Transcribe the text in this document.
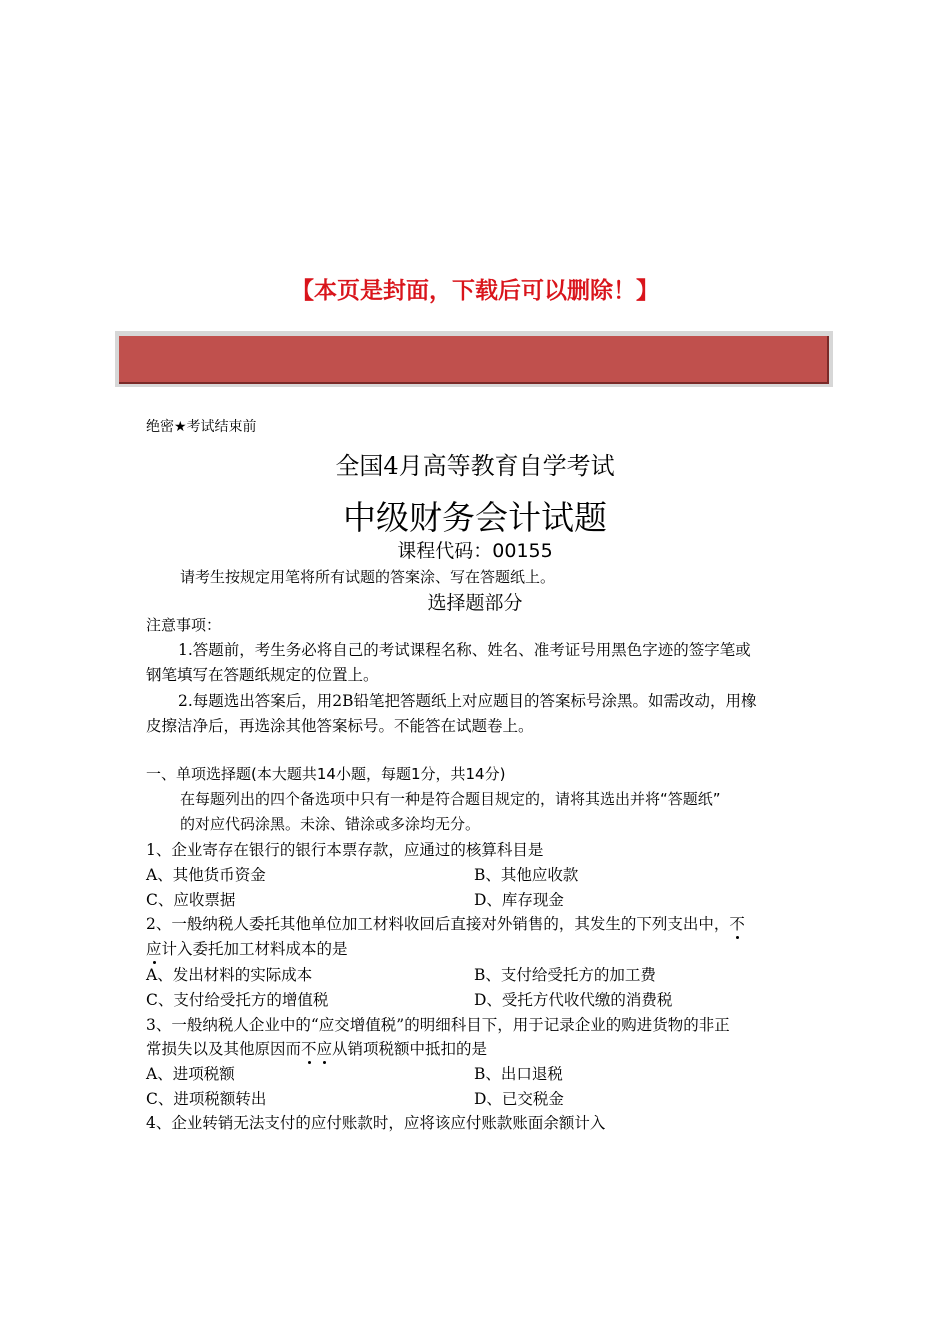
【本页是封面，下载后可以删除！】
绝密★考试结束前
全国4月高等教育自学考试
中级财务会计试题
课程代码：00155
请考生按规定用笔将所有试题的答案涂、写在答题纸上。
选择题部分
注意事项：
1.答题前，考生务必将自己的考试课程名称、姓名、准考证号用黑色字迹的签字笔或
钢笔填写在答题纸规定的位置上。
2.每题选出答案后，用2B铅笔把答题纸上对应题目的答案标号涂黑。如需改动，用橡
皮擦洁净后，再选涂其他答案标号。不能答在试题卷上。
一、单项选择题(本大题共14小题，每题1分，共14分)
在每题列出的四个备选项中只有一种是符合题目规定的，请将其选出并将“答题纸”
的对应代码涂黑。未涂、错涂或多涂均无分。
1、企业寄存在银行的银行本票存款，应通过的核算科目是
A、其他货币资金	B、其他应收款
C、应收票据	D、库存现金
2、一般纳税人委托其他单位加工材料收回后直接对外销售的，其发生的下列支出中，不
应计入委托加工材料成本的是
A、发出材料的实际成本	B、支付给受托方的加工费
C、支付给受托方的增值税	D、受托方代收代缴的消费税
3、一般纳税人企业中的“应交增值税”的明细科目下，用于记录企业的购进货物的非正
常损失以及其他原因而不应从销项税额中抵扣的是
A、进项税额	B、出口退税
C、进项税额转出	D、已交税金
4、企业转销无法支付的应付账款时，应将该应付账款账面余额计入
